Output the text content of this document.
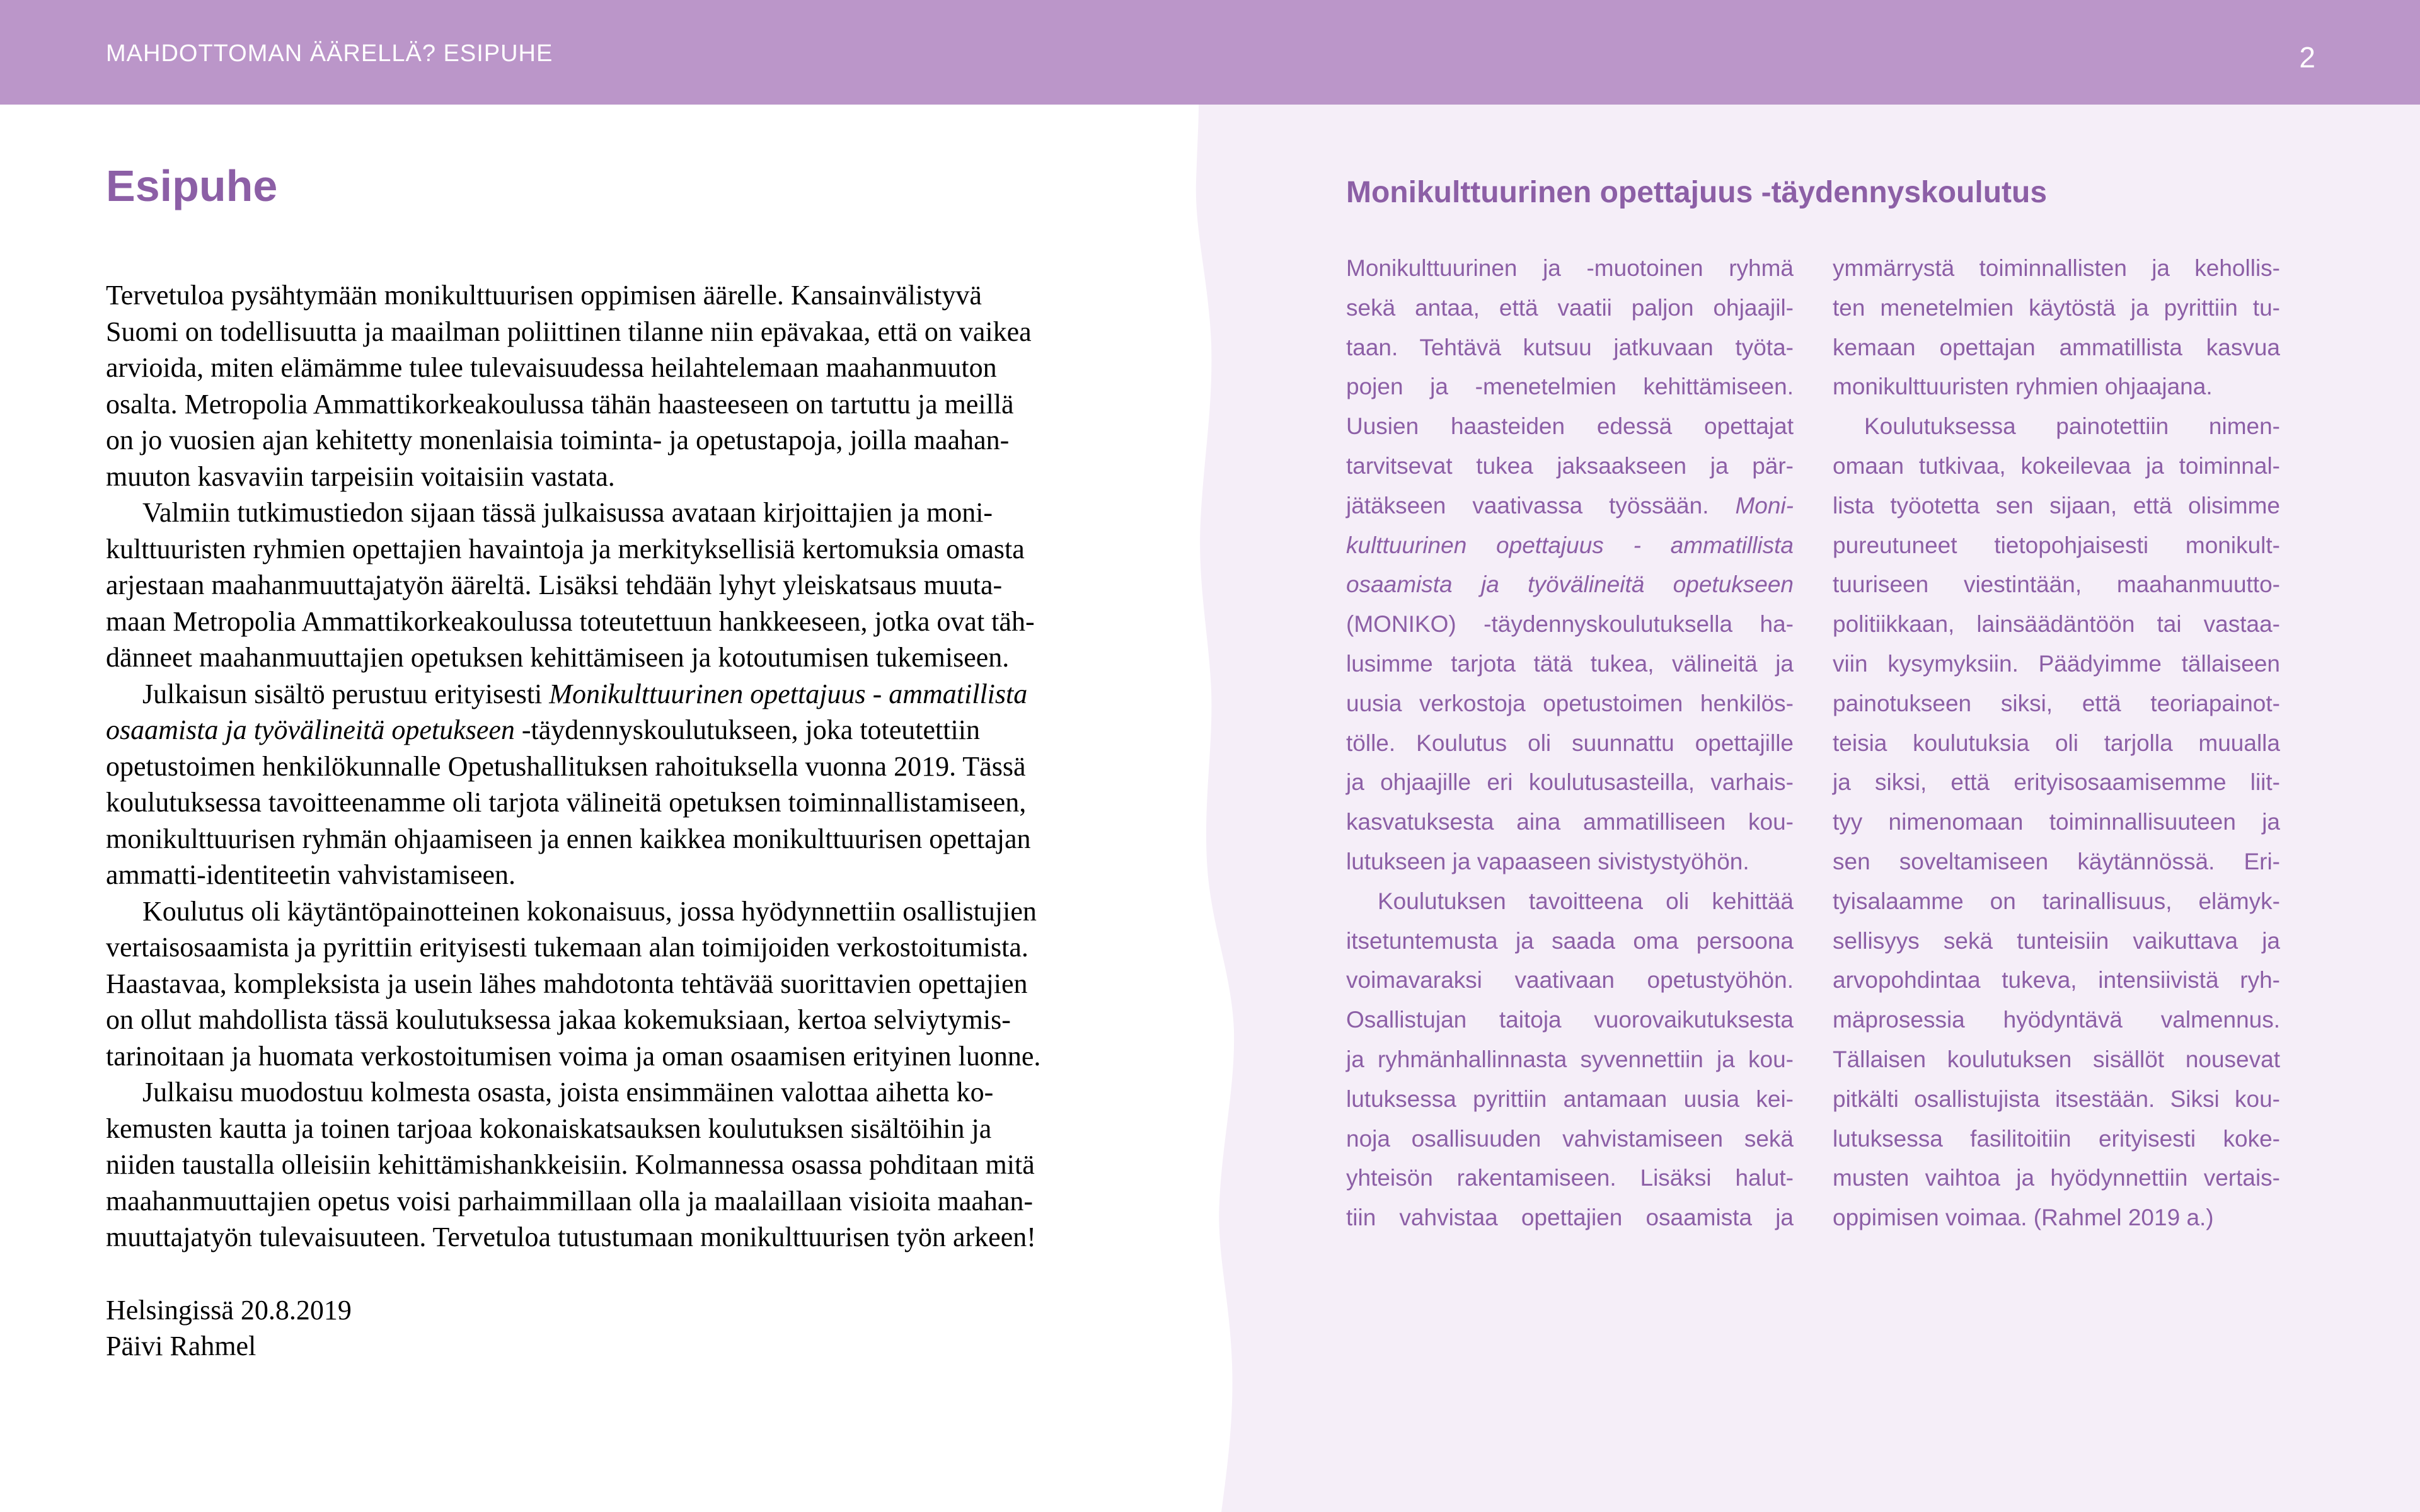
MAHDOTTOMAN ÄÄRELLÄ? ESIPUHE	2
Esipuhe

Tervetuloa pysähtymään monikulttuurisen oppimisen äärelle. Kansainvälistyvä

Suomi on todellisuutta ja maailman poliittinen tilanne niin epävakaa, että on vaikea

arvioida, miten elämämme tulee tulevaisuudessa heilahtelemaan maahanmuuton

osalta. Metropolia Ammattikorkeakoulussa tähän haasteeseen on tartuttu ja meillä

on jo vuosien ajan kehitetty monenlaisia toiminta- ja opetustapoja, joilla maahan-

muuton kasvaviin tarpeisiin voitaisiin vastata.

Valmiin tutkimustiedon sijaan tässä julkaisussa avataan kirjoittajien ja moni-

kulttuuristen ryhmien opettajien havaintoja ja merkityksellisiä kertomuksia omasta

arjestaan maahanmuuttajatyön ääreltä. Lisäksi tehdään lyhyt yleiskatsaus muuta-

maan Metropolia Ammattikorkeakoulussa toteutettuun hankkeeseen, jotka ovat täh-

dänneet maahanmuuttajien opetuksen kehittämiseen ja kotoutumisen tukemiseen.

Julkaisun sisältö perustuu erityisesti Monikulttuurinen opettajuus - ammatillista

osaamista ja työvälineitä opetukseen -täydennyskoulutukseen, joka toteutettiin

opetustoimen henkilökunnalle Opetushallituksen rahoituksella vuonna 2019. Tässä

koulutuksessa tavoitteenamme oli tarjota välineitä opetuksen toiminnallistamiseen,

monikulttuurisen ryhmän ohjaamiseen ja ennen kaikkea monikulttuurisen opettajan

ammatti-identiteetin vahvistamiseen.

Koulutus oli käytäntöpainotteinen kokonaisuus, jossa hyödynnettiin osallistujien

vertaisosaamista ja pyrittiin erityisesti tukemaan alan toimijoiden verkostoitumista.

Haastavaa, kompleksista ja usein lähes mahdotonta tehtävää suorittavien opettajien

on ollut mahdollista tässä koulutuksessa jakaa kokemuksiaan, kertoa selviytymis-

tarinoitaan ja huomata verkostoitumisen voima ja oman osaamisen erityinen luonne.

Julkaisu muodostuu kolmesta osasta, joista ensimmäinen valottaa aihetta ko-

kemusten kautta ja toinen tarjoaa kokonaiskatsauksen koulutuksen sisältöihin ja

niiden taustalla olleisiin kehittämishankkeisiin. Kolmannessa osassa pohditaan mitä

maahanmuuttajien opetus voisi parhaimmillaan olla ja maalaillaan visioita maahan-

muuttajatyön tulevaisuuteen. Tervetuloa tutustumaan monikulttuurisen työn arkeen!

Helsingissä 20.8.2019
Päivi Rahmel
Monikulttuurinen opettajuus -täydennyskoulutus
Monikulttuurinen ja -muotoinen ryhmä
sekä antaa, että vaatii paljon ohjaajil-
taan. Tehtävä kutsuu jatkuvaan työta-
pojen ja -menetelmien kehittämiseen.
Uusien haasteiden edessä opettajat
tarvitsevat tukea jaksaakseen ja pär-
jätäkseen vaativassa työssään. Moni-
kulttuurinen opettajuus - ammatillista
osaamista ja työvälineitä opetukseen
(MONIKO) -täydennyskoulutuksella ha-
lusimme tarjota tätä tukea, välineitä ja
uusia verkostoja opetustoimen henkilös-
tölle. Koulutus oli suunnattu opettajille
ja ohjaajille eri koulutusasteilla, varhais-
kasvatuksesta aina ammatilliseen kou-
lutukseen ja vapaaseen sivistystyöhön.
Koulutuksen tavoitteena oli kehittää
itsetuntemusta ja saada oma persoona
voimavaraksi vaativaan opetustyöhön.
Osallistujan taitoja vuorovaikutuksesta
ja ryhmänhallinnasta syvennettiin ja kou-
lutuksessa pyrittiin antamaan uusia kei-
noja osallisuuden vahvistamiseen sekä
yhteisön rakentamiseen. Lisäksi halut-
tiin vahvistaa opettajien osaamista ja
ymmärrystä toiminnallisten ja kehollis-
ten menetelmien käytöstä ja pyrittiin tu-
kemaan opettajan ammatillista kasvua
monikulttuuristen ryhmien ohjaajana.
Koulutuksessa painotettiin nimen-
omaan tutkivaa, kokeilevaa ja toiminnal-
lista työotetta sen sijaan, että olisimme
pureutuneet tietopohjaisesti monikult-
tuuriseen viestintään, maahanmuutto-
politiikkaan, lainsäädäntöön tai vastaa-
viin kysymyksiin. Päädyimme tällaiseen
painotukseen siksi, että teoriapainot-
teisia koulutuksia oli tarjolla muualla
ja siksi, että erityisosaamisemme liit-
tyy nimenomaan toiminnallisuuteen ja
sen soveltamiseen käytännössä. Eri-
tyisalaamme on tarinallisuus, elämyk-
sellisyys sekä tunteisiin vaikuttava ja
arvopohdintaa tukeva, intensiivistä ryh-
mäprosessia hyödyntävä valmennus.
Tällaisen koulutuksen sisällöt nousevat
pitkälti osallistujista itsestään. Siksi kou-
lutuksessa fasilitoitiin erityisesti koke-
musten vaihtoa ja hyödynnettiin vertais-
oppimisen voimaa. (Rahmel 2019 a.)
